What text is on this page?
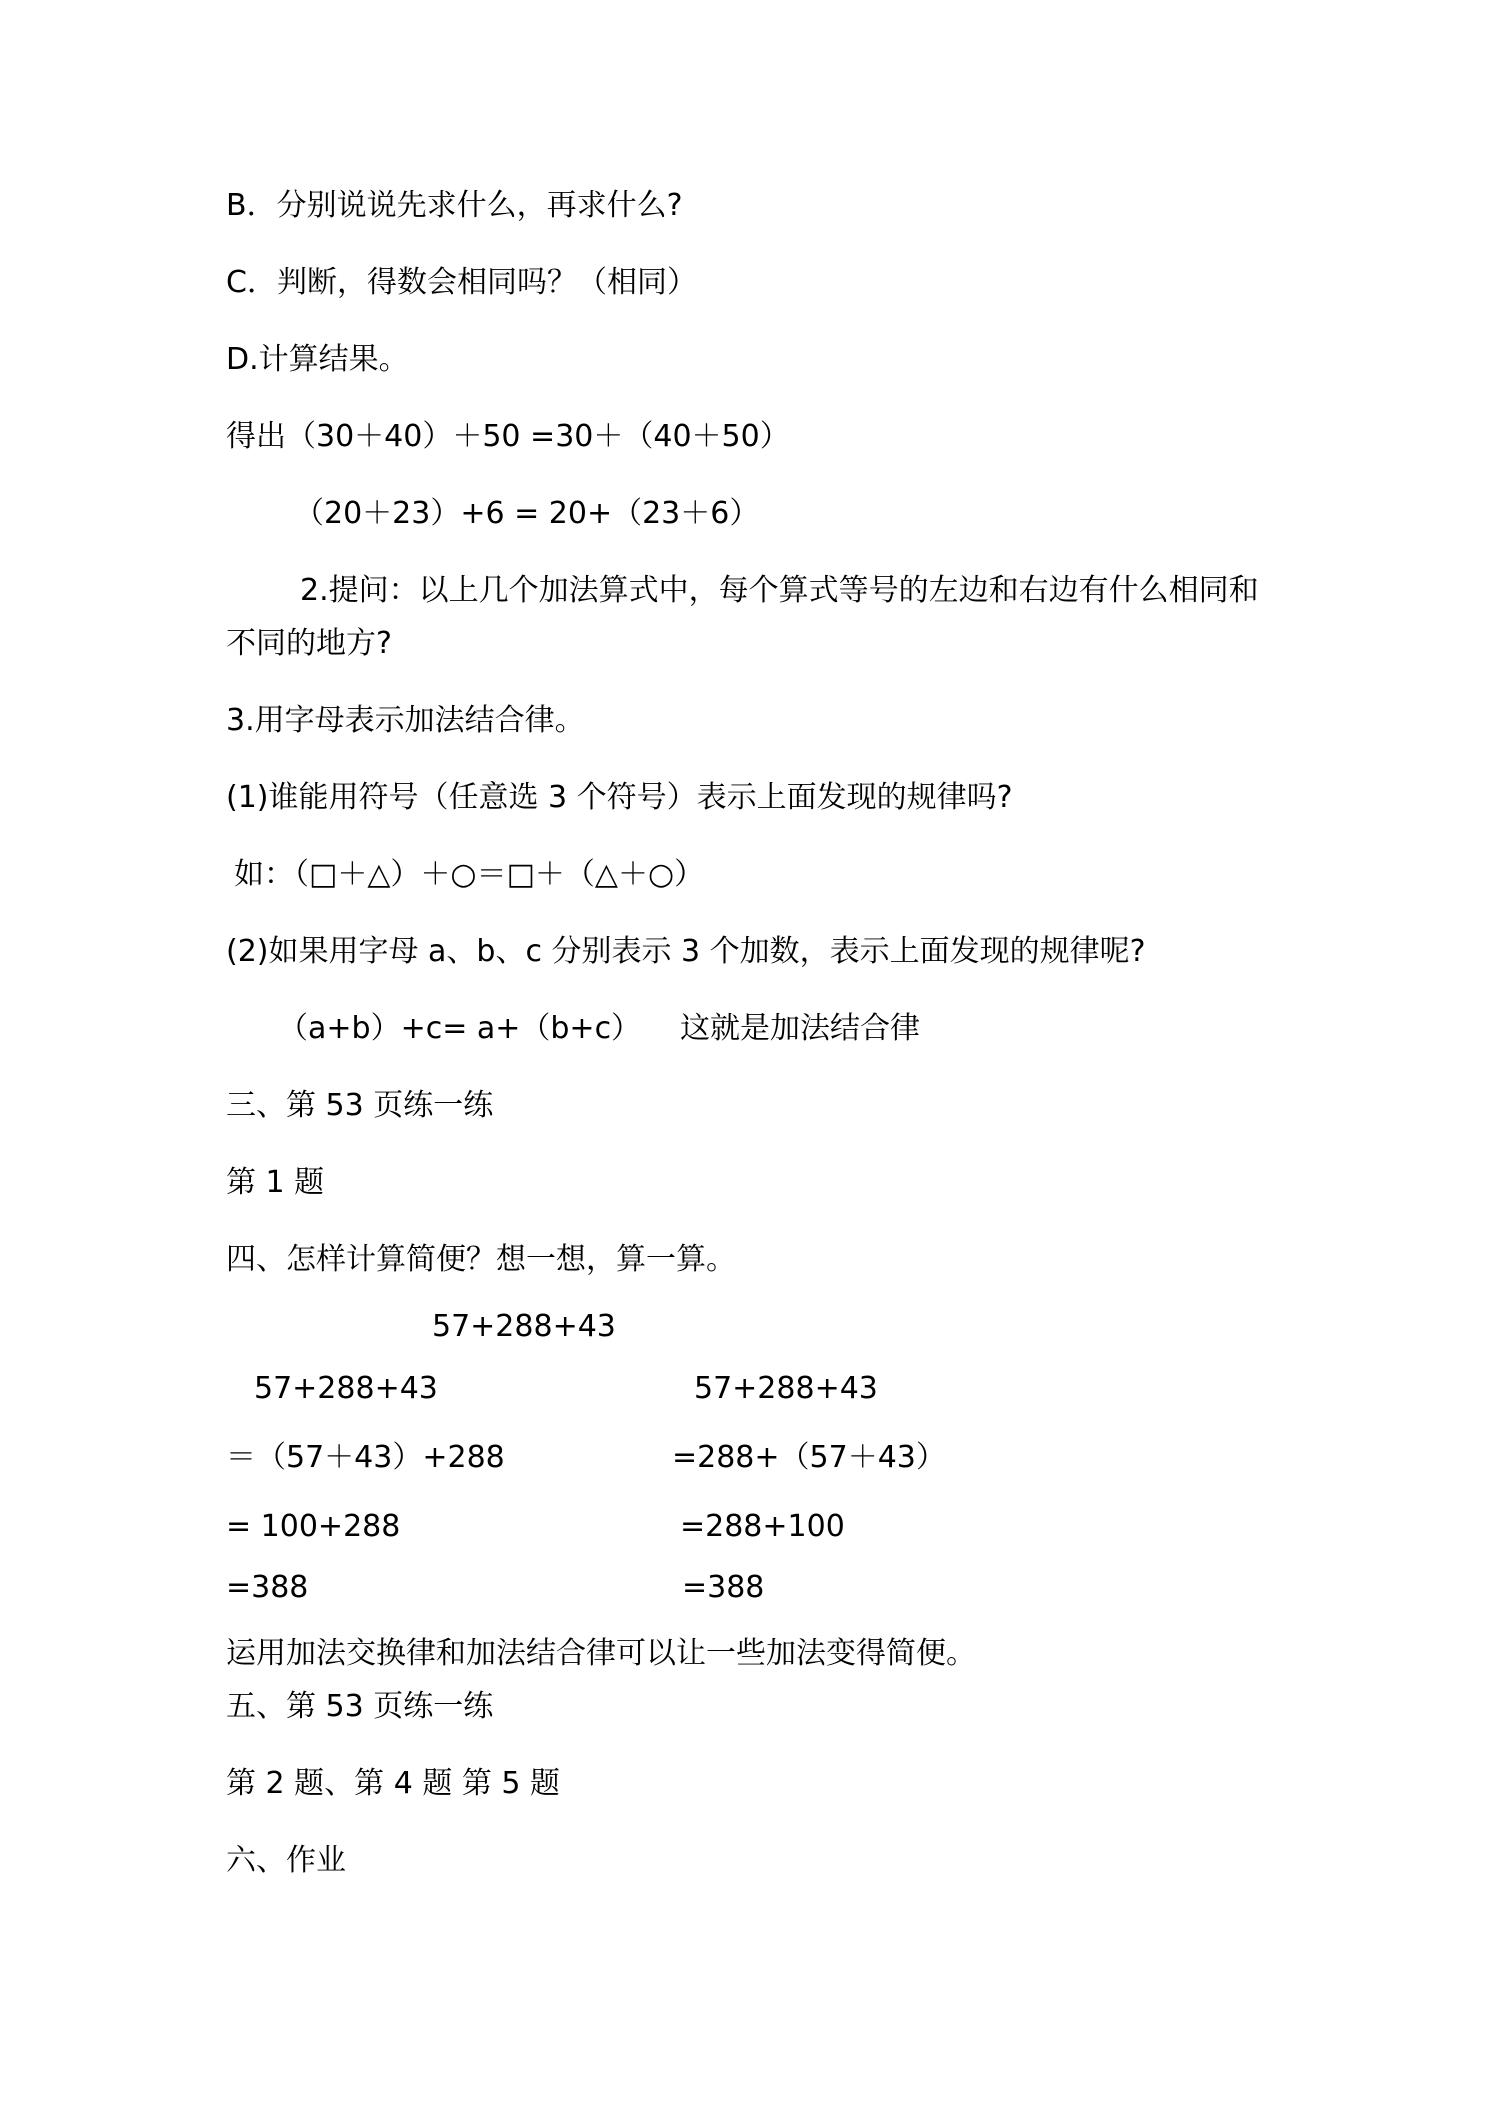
B．分别说说先求什么，再求什么?
C．判断，得数会相同吗？（相同）
D.计算结果。
得出（30＋40）＋50 =30＋（40＋50）
（20＋23）+6 = 20+（23＋6）
2.提问：以上几个加法算式中，每个算式等号的左边和右边有什么相同和
不同的地方?
3.用字母表示加法结合律。
(1)谁能用符号（任意选 3 个符号）表示上面发现的规律吗?
如：（□＋△）＋○＝□＋（△＋○）
(2)如果用字母 a、b、c 分别表示 3 个加数，表示上面发现的规律呢?
（a+b）+c= a+（b+c） 这就是加法结合律
三、第 53 页练一练
第 1 题
四、怎样计算简便？想一想，算一算。
57+288+43
57+288+43
＝（57＋43）+288
= 100+288
=388
57+288+43
=288+（57＋43）
=288+100
=388
运用加法交换律和加法结合律可以让一些加法变得简便。
五、第 53 页练一练
第 2 题、第 4 题 第 5 题
六、作业
